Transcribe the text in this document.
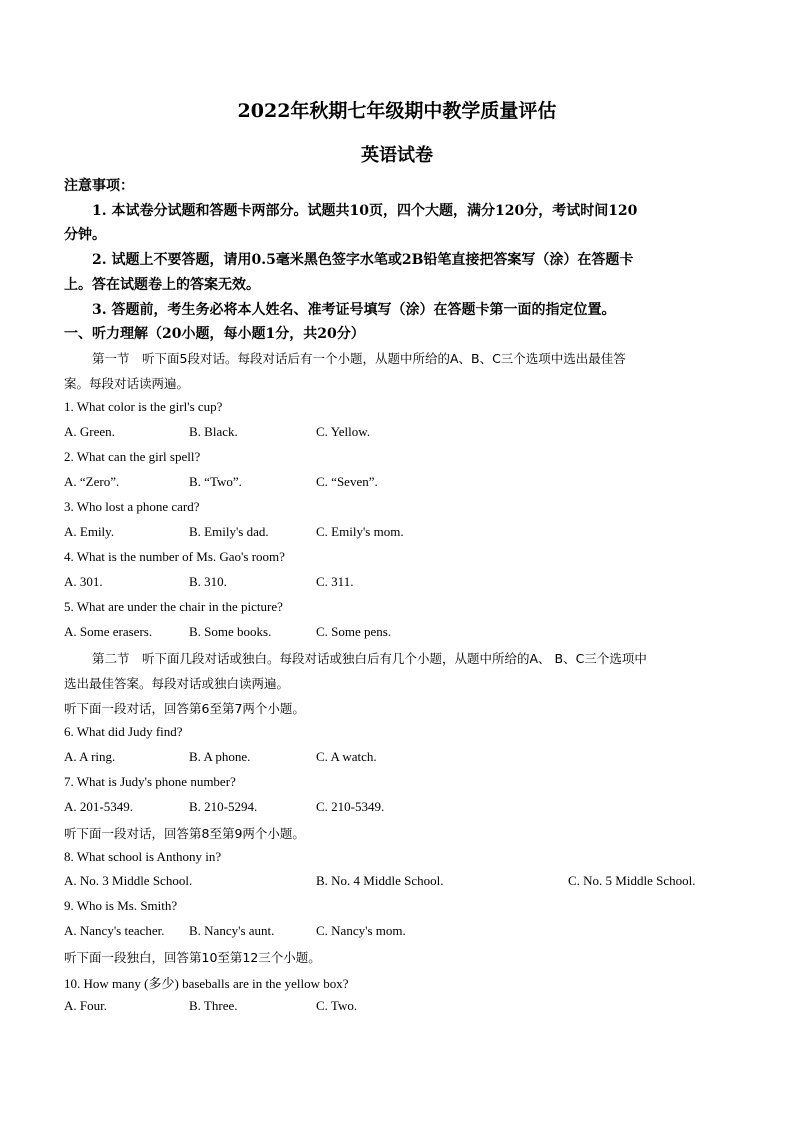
2022年秋期七年级期中教学质量评估
英语试卷
注意事项：
1. 本试卷分试题和答题卡两部分。试题共10页，四个大题，满分120分，考试时间120
分钟。
2. 试题上不要答题，请用0.5毫米黑色签字水笔或2B铅笔直接把答案写（涂）在答题卡
上。答在试题卷上的答案无效。
3. 答题前，考生务必将本人姓名、准考证号填写（涂）在答题卡第一面的指定位置。
一、听力理解（20小题，每小题1分，共20分）
第一节　听下面5段对话。每段对话后有一个小题，从题中所给的A、B、C三个选项中选出最佳答
案。每段对话读两遍。
1. What color is the girl's cup?
A. Green.	B. Black.	C. Yellow.
2. What can the girl spell?
A. “Zero”.	B. “Two”.	C. “Seven”.
3. Who lost a phone card?
A. Emily.	B. Emily's dad.	C. Emily's mom.
4. What is the number of Ms. Gao's room?
A. 301.	B. 310.	C. 311.
5. What are under the chair in the picture?
A. Some erasers.	B. Some books.	C. Some pens.
第二节　听下面几段对话或独白。每段对话或独白后有几个小题，从题中所给的A、 B、C三个选项中
选出最佳答案。每段对话或独白读两遍。
听下面一段对话，回答第6至第7两个小题。
6. What did Judy find?
A. A ring.	B. A phone.	C. A watch.
7. What is Judy's phone number?
A. 201-5349.	B. 210-5294.	C. 210-5349.
听下面一段对话，回答第8至第9两个小题。
8. What school is Anthony in?
A. No. 3 Middle School.	B. No. 4 Middle School.	C. No. 5 Middle School.
9. Who is Ms. Smith?
A. Nancy's teacher. B. Nancy's aunt.	C. Nancy's mom.
听下面一段独白，回答第10至第12三个小题。
10. How many (多少) baseballs are in the yellow box?
A. Four.	B. Three.	C. Two.
